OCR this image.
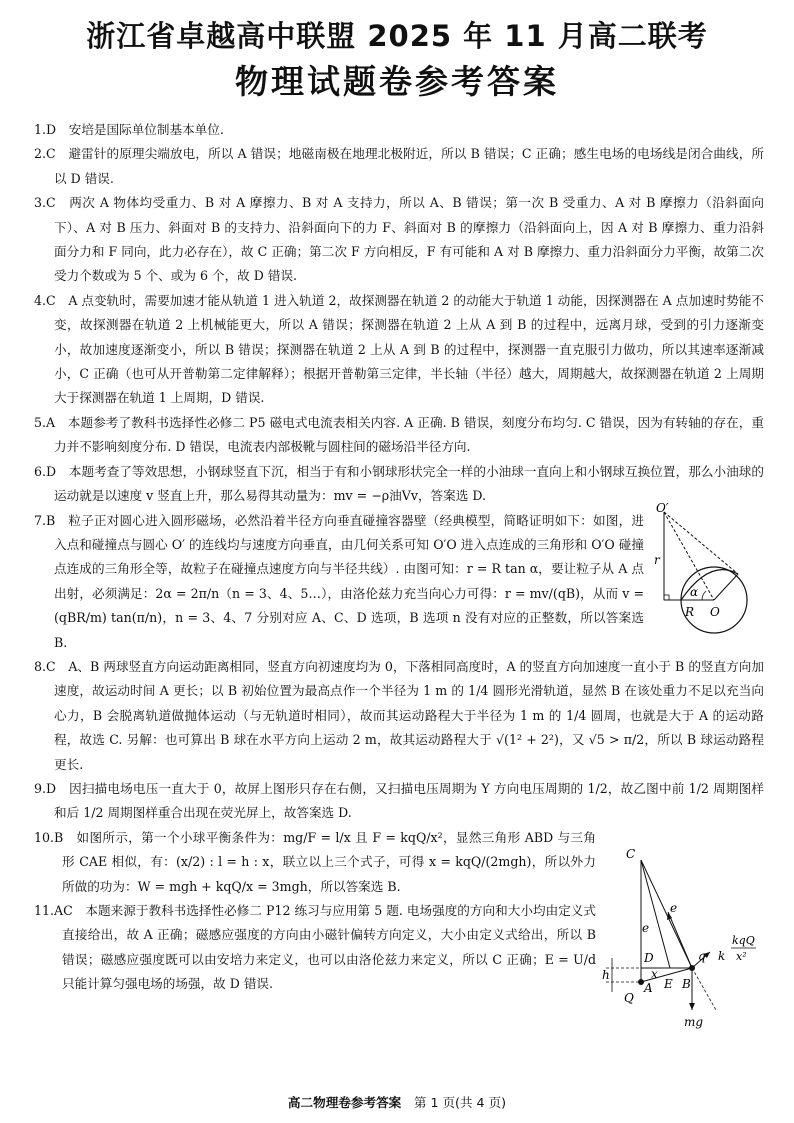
浙江省卓越高中联盟 2025 年 11 月高二联考
物理试题卷参考答案

1.D　 安培是国际单位制基本单位.

2.C　 避雷针的原理尖端放电，所以 A 错误；地磁南极在地理北极附近，所以 B 错误；C 正确；感生电场的电场线是闭合曲线，所以 D 错误.

3.C　 两次 A 物体均受重力、B 对 A 摩擦力、B 对 A 支持力，所以 A、B 错误；第一次 B 受重力、A 对 B 摩擦力（沿斜面向下）、A 对 B 压力、斜面对 B 的支持力、沿斜面向下的力 F、斜面对 B 的摩擦力（沿斜面向上，因 A 对 B 摩擦力、重力沿斜面分力和 F 同向，此力必存在），故 C 正确；第二次 F 方向相反，F 有可能和 A 对 B 摩擦力、重力沿斜面分力平衡，故第二次受力个数或为 5 个、或为 6 个，故 D 错误.

4.C　 A 点变轨时，需要加速才能从轨道 1 进入轨道 2，故探测器在轨道 2 的动能大于轨道 1 动能，因探测器在 A 点加速时势能不变，故探测器在轨道 2 上机械能更大，所以 A 错误；探测器在轨道 2 上从 A 到 B 的过程中，远离月球，受到的引力逐渐变小，故加速度逐渐变小，所以 B 错误；探测器在轨道 2 上从 A 到 B 的过程中，探测器一直克服引力做功，所以其速率逐渐减小，C 正确（也可从开普勒第二定律解释）；根据开普勒第三定律，半长轴（半径）越大，周期越大，故探测器在轨道 2 上周期大于探测器在轨道 1 上周期，D 错误.

5.A　 本题参考了教科书选择性必修二 P5 磁电式电流表相关内容. A 正确. B 错误，刻度分布均匀. C 错误，因为有转轴的存在，重力并不影响刻度分布. D 错误，电流表内部极靴与圆柱间的磁场沿半径方向.

6.D　 本题考查了等效思想，小钢球竖直下沉，相当于有和小钢球形状完全一样的小油球一直向上和小钢球互换位置，那么小油球的运动就是以速度 v 竖直上升，那么易得其动量为：mv = −ρ油Vv，答案选 D.

7.B　 粒子正对圆心进入圆形磁场，必然沿着半径方向垂直碰撞容器壁（经典模型，简略证明如下：如图，进入点和碰撞点与圆心 O′ 的连线均与速度方向垂直，由几何关系可知 O′O 进入点连成的三角形和 O′O 碰撞点连成的三角形全等，故粒子在碰撞点速度方向与半径共线）. 由图可知：r = R tan α，要让粒子从 A 点出射，必须满足：2α = 2π/n（n = 3、4、5…），由洛伦兹力充当向心力可得：r = mv/(qB)，从而 v = (qBR/m) tan(π/n)，n = 3、4、7 分别对应 A、C、D 选项，B 选项 n 没有对应的正整数，所以答案选 B.

8.C　 A、B 两球竖直方向运动距离相同，竖直方向初速度均为 0，下落相同高度时，A 的竖直方向加速度一直小于 B 的竖直方向加速度，故运动时间 A 更长；以 B 初始位置为最高点作一个半径为 1 m 的 1/4 圆形光滑轨道，显然 B 在该处重力不足以充当向心力，B 会脱离轨道做抛体运动（与无轨道时相同），故而其运动路程大于半径为 1 m 的 1/4 圆周，也就是大于 A 的运动路程，故选 C. 另解：也可算出 B 球在水平方向上运动 2 m，故其运动路程大于 √(1² + 2²)，又 √5 > π/2，所以 B 球运动路程更长.

9.D　 因扫描电场电压一直大于 0，故屏上图形只存在右侧，又扫描电压周期为 Y 方向电压周期的 1/2，故乙图中前 1/2 周期图样和后 1/2 周期图样重合出现在荧光屏上，故答案选 D.

10.B　 如图所示，第一个小球平衡条件为：mg/F = l/x 且 F = kqQ/x²，显然三角形 ABD 与三角形 CAE 相似，有：(x/2) : l = h : x，联立以上三个式子，可得 x = kqQ/(2mgh)，所以外力所做的功为：W = mgh + kqQ/x = 3mgh，所以答案选 B.

11.AC　 本题来源于教科书选择性必修二 P12 练习与应用第 5 题. 电场强度的方向和大小均由定义式直接给出，故 A 正确；磁感应强度的方向由小磁针偏转方向定义，大小由定义式给出，所以 B 错误；磁感应强度既可以由安培力来定义，也可以由洛伦兹力来定义，所以 C 正确；E = U/d 只能计算匀强电场的场强，故 D 错误.

O′
r
α
R O
C
e
e
q k
kqQ
x²
D
h	x
A E B
Q
mg
高二物理卷参考答案　 第 1 页(共 4 页)
